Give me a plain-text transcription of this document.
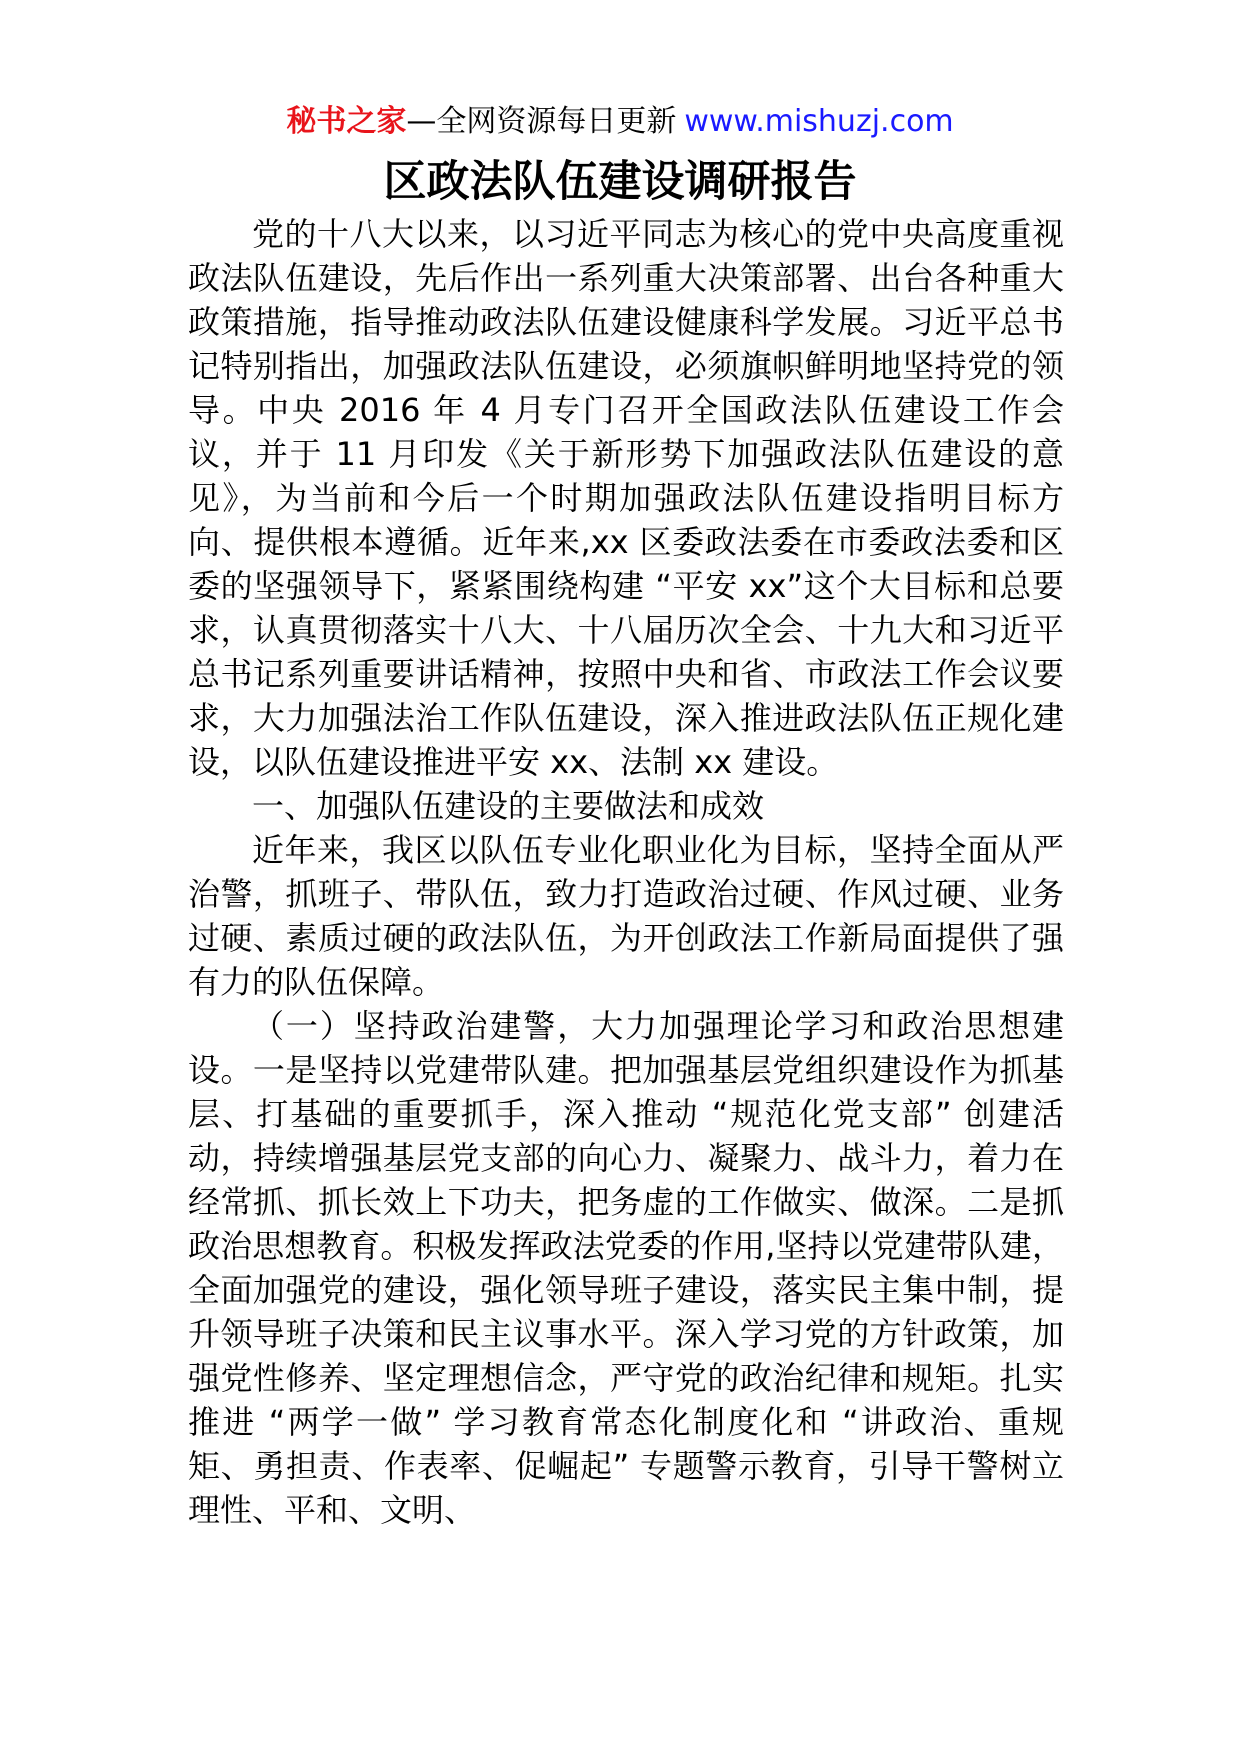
秘书之家—全网资源每日更新 www.mishuzj.com
区政法队伍建设调研报告

党的十八大以来，以习近平同志为核心的党中央高度重视政法队伍建设，先后作出一系列重大决策部署、出台各种重大政策措施，指导推动政法队伍建设健康科学发展。习近平总书记特别指出，加强政法队伍建设，必须旗帜鲜明地坚持党的领导。中央 2016 年 4 月专门召开全国政法队伍建设工作会议，并于 11 月印发《关于新形势下加强政法队伍建设的意见》，为当前和今后一个时期加强政法队伍建设指明目标方向、提供根本遵循。近年来,xx 区委政法委在市委政法委和区委的坚强领导下，紧紧围绕构建 “平安 xx”这个大目标和总要求，认真贯彻落实十八大、十八届历次全会、十九大和习近平总书记系列重要讲话精神，按照中央和省、市政法工作会议要求，大力加强法治工作队伍建设，深入推进政法队伍正规化建设，以队伍建设推进平安 xx、法制 xx 建设。

一、加强队伍建设的主要做法和成效

近年来，我区以队伍专业化职业化为目标，坚持全面从严治警，抓班子、带队伍，致力打造政治过硬、作风过硬、业务过硬、素质过硬的政法队伍，为开创政法工作新局面提供了强有力的队伍保障。

（一）坚持政治建警，大力加强理论学习和政治思想建设。一是坚持以党建带队建。把加强基层党组织建设作为抓基层、打基础的重要抓手，深入推动 “规范化党支部” 创建活动，持续增强基层党支部的向心力、凝聚力、战斗力，着力在经常抓、抓长效上下功夫，把务虚的工作做实、做深。二是抓政治思想教育。积极发挥政法党委的作用,坚持以党建带队建，全面加强党的建设，强化领导班子建设，落实民主集中制，提升领导班子决策和民主议事水平。深入学习党的方针政策，加强党性修养、坚定理想信念，严守党的政治纪律和规矩。扎实推进 “两学一做” 学习教育常态化制度化和 “讲政治、重规矩、勇担责、作表率、促崛起” 专题警示教育，引导干警树立理性、平和、文明、
